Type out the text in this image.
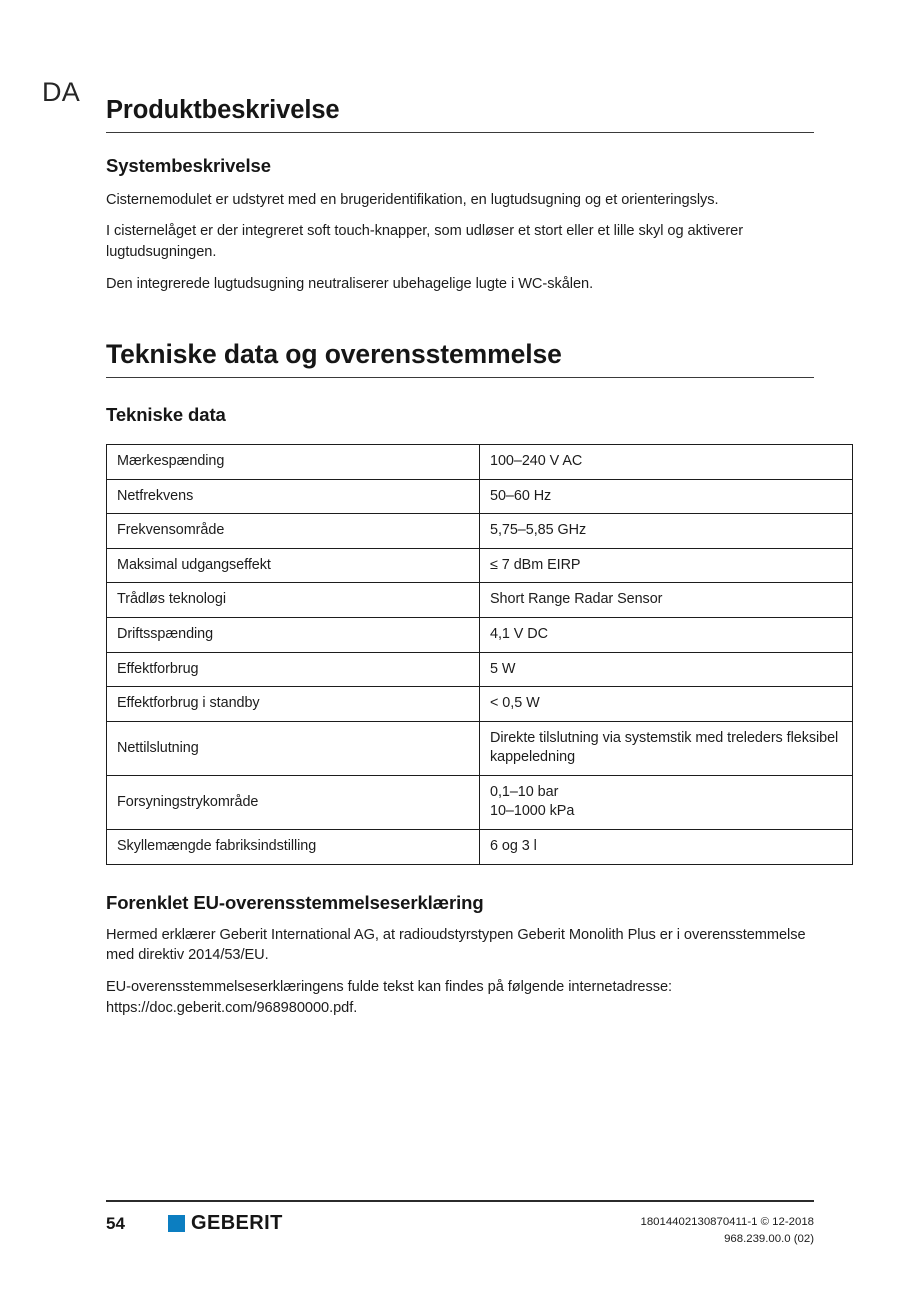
DA
Produktbeskrivelse
Systembeskrivelse

Cisternemodulet er udstyret med en brugeridentifikation, en lugtudsugning og et orienteringslys.

I cisternelåget er der integreret soft touch-knapper, som udløser et stort eller et lille skyl og aktiverer lugtudsugningen.

Den integrerede lugtudsugning neutraliserer ubehagelige lugte i WC-skålen.

Tekniske data og overensstemmelse
Tekniske data
Mærkespænding	100–240 V AC

Netfrekvens	50–60 Hz

Frekvensområde	5,75–5,85 GHz

Maksimal udgangseffekt	≤ 7 dBm EIRP

Trådløs teknologi	Short Range Radar Sensor

Driftsspænding	4,1 V DC

Effektforbrug	5 W

Effektforbrug i standby	< 0,5 W

Nettilslutning	Direkte tilslutning via systemstik med treleders fleksibel kappeledning

Forsyningstrykområde	0,1–10 bar
10–1000 kPa

Skyllemængde fabriksindstilling	6 og 3 l
Forenklet EU-overensstemmelseserklæring

Hermed erklærer Geberit International AG, at radioudstyrstypen Geberit Monolith Plus er i overensstemmelse med direktiv 2014/53/EU.

EU-overensstemmelseserklæringens fulde tekst kan findes på følgende internetadresse: https://doc.geberit.com/968980000.pdf.

54	GEBERIT	18014402130870411-1 © 12-2018
968.239.00.0 (02)
